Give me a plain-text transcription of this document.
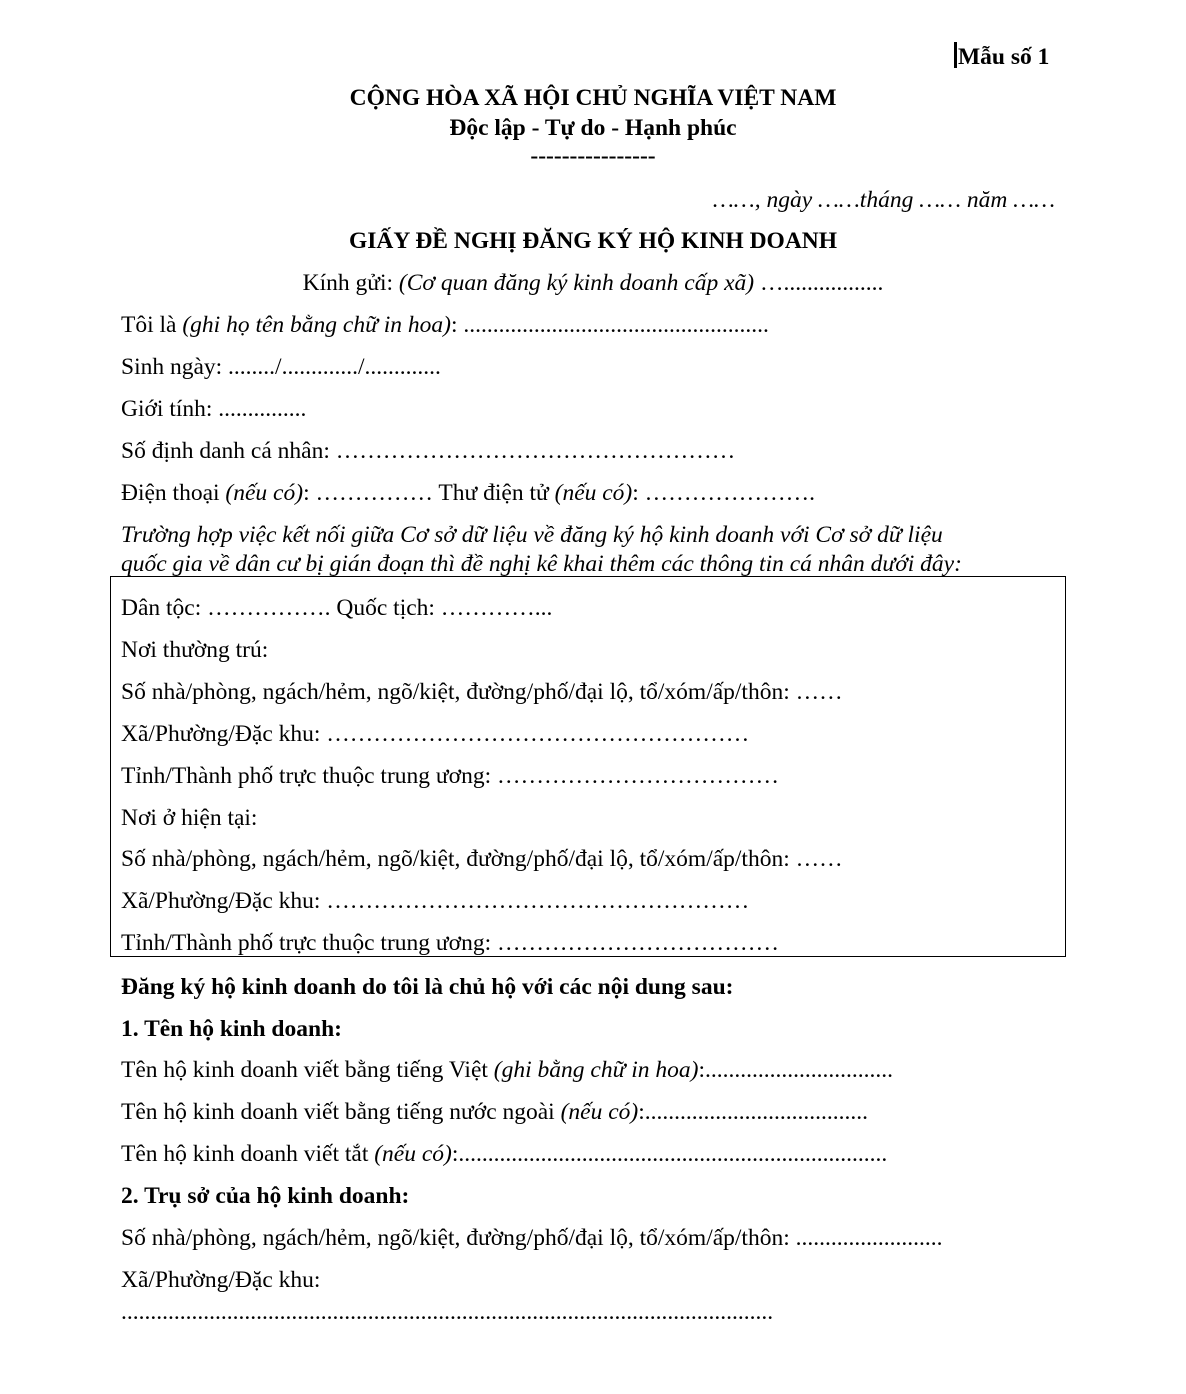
Mẫu số 1
CỘNG HÒA XÃ HỘI CHỦ NGHĨA VIỆT NAM
Độc lập - Tự do - Hạnh phúc
----------------
……, ngày ……tháng …… năm ……
GIẤY ĐỀ NGHỊ ĐĂNG KÝ HỘ KINH DOANH
Kính gửi: (Cơ quan đăng ký kinh doanh cấp xã) ….................
Tôi là (ghi họ tên bằng chữ in hoa): ....................................................
Sinh ngày: ......../............./.............
Giới tính: ...............
Số định danh cá nhân: ……………………………………………
Điện thoại (nếu có): …………… Thư điện tử (nếu có): ………………….
Trường hợp việc kết nối giữa Cơ sở dữ liệu về đăng ký hộ kinh doanh với Cơ sở dữ liệu
quốc gia về dân cư bị gián đoạn thì đề nghị kê khai thêm các thông tin cá nhân dưới đây:
Dân tộc: ……………. Quốc tịch: …………...
Nơi thường trú:
Số nhà/phòng, ngách/hẻm, ngõ/kiệt, đường/phố/đại lộ, tổ/xóm/ấp/thôn: ……
Xã/Phường/Đặc khu: ………………………………………………
Tỉnh/Thành phố trực thuộc trung ương: ………………………………
Nơi ở hiện tại:
Số nhà/phòng, ngách/hẻm, ngõ/kiệt, đường/phố/đại lộ, tổ/xóm/ấp/thôn: ……
Xã/Phường/Đặc khu: ………………………………………………
Tỉnh/Thành phố trực thuộc trung ương: ………………………………
Đăng ký hộ kinh doanh do tôi là chủ hộ với các nội dung sau:
1. Tên hộ kinh doanh:
Tên hộ kinh doanh viết bằng tiếng Việt (ghi bằng chữ in hoa):................................
Tên hộ kinh doanh viết bằng tiếng nước ngoài (nếu có):......................................
Tên hộ kinh doanh viết tắt (nếu có):.........................................................................
2. Trụ sở của hộ kinh doanh:
Số nhà/phòng, ngách/hẻm, ngõ/kiệt, đường/phố/đại lộ, tổ/xóm/ấp/thôn: .........................
Xã/Phường/Đặc khu:
...............................................................................................................
